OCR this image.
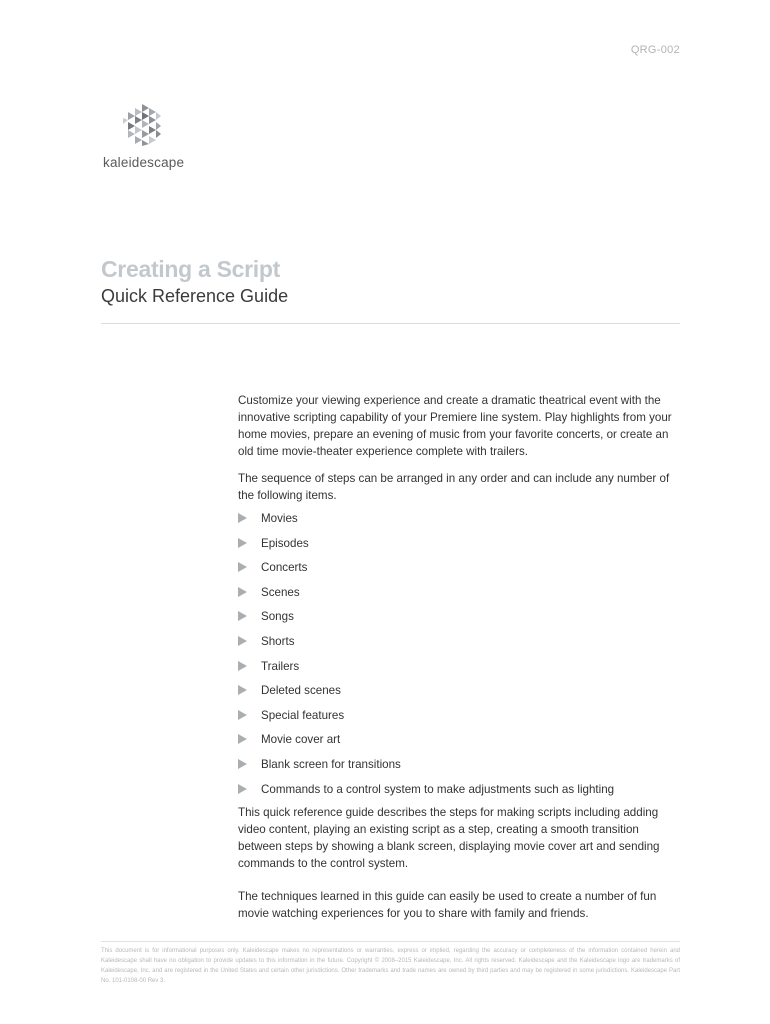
QRG-002
kaleidescape
Creating a Script
Quick Reference Guide

Customize your viewing experience and create a dramatic theatrical event with the innovative scripting capability of your Premiere line system. Play highlights from your home movies, prepare an evening of music from your favorite concerts, or create an old time movie-theater experience complete with trailers.

The sequence of steps can be arranged in any order and can include any number of the following items.

Movies
Episodes
Concerts
Scenes
Songs
Shorts
Trailers
Deleted scenes
Special features
Movie cover art
Blank screen for transitions
Commands to a control system to make adjustments such as lighting

This quick reference guide describes the steps for making scripts including adding video content, playing an existing script as a step, creating a smooth transition between steps by showing a blank screen, displaying movie cover art and sending commands to the control system.

The techniques learned in this guide can easily be used to create a number of fun movie watching experiences for you to share with family and friends.

This document is for informational purposes only. Kaleidescape makes no representations or warranties, express or implied, regarding the accuracy or completeness of the information contained herein and Kaleidescape shall have no obligation to provide updates to this information in the future. Copyright © 2008–2015 Kaleidescape, Inc. All rights reserved. Kaleidescape and the Kaleidescape logo are trademarks of Kaleidescape, Inc. and are registered in the United States and certain other jurisdictions. Other trademarks and trade names are owned by third parties and may be registered in some jurisdictions. Kaleidescape Part No. 101-0108-00 Rev 3.
